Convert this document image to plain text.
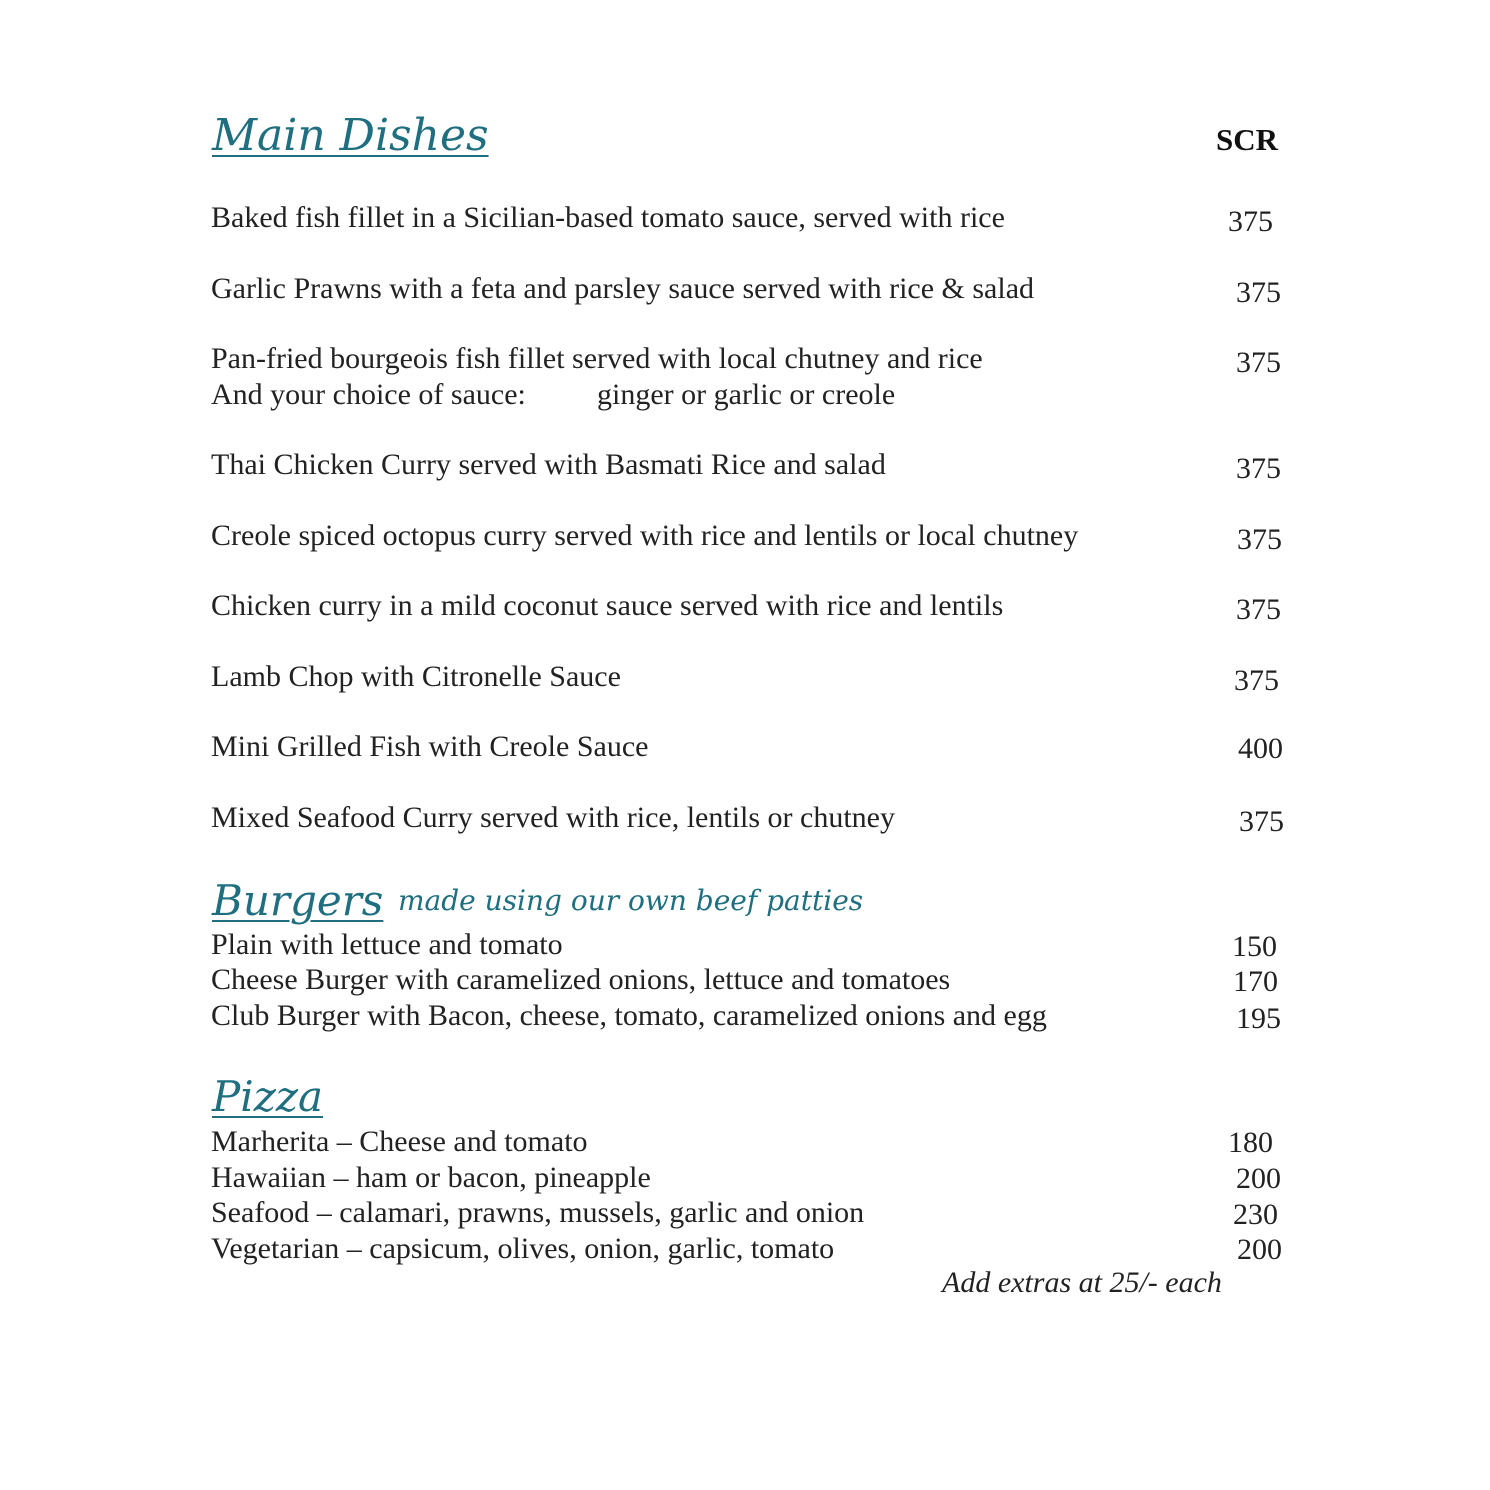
Main Dishes	SCR
Baked fish fillet in a Sicilian-based tomato sauce, served with rice	375
Garlic Prawns with a feta and parsley sauce served with rice & salad	375
Pan-fried bourgeois fish fillet served with local chutney and rice	375
And your choice of sauce: ginger or garlic or creole
Thai Chicken Curry served with Basmati Rice and salad	375
Creole spiced octopus curry served with rice and lentils or local chutney	375
Chicken curry in a mild coconut sauce served with rice and lentils	375
Lamb Chop with Citronelle Sauce	375
Mini Grilled Fish with Creole Sauce	400
Mixed Seafood Curry served with rice, lentils or chutney	375
Burgers made using our own beef patties
Plain with lettuce and tomato	150
Cheese Burger with caramelized onions, lettuce and tomatoes	170
Club Burger with Bacon, cheese, tomato, caramelized onions and egg	195
Pizza
Marherita – Cheese and tomato	180
Hawaiian – ham or bacon, pineapple	200
Seafood – calamari, prawns, mussels, garlic and onion	230
Vegetarian – capsicum, olives, onion, garlic, tomato	200
Add extras at 25/- each
